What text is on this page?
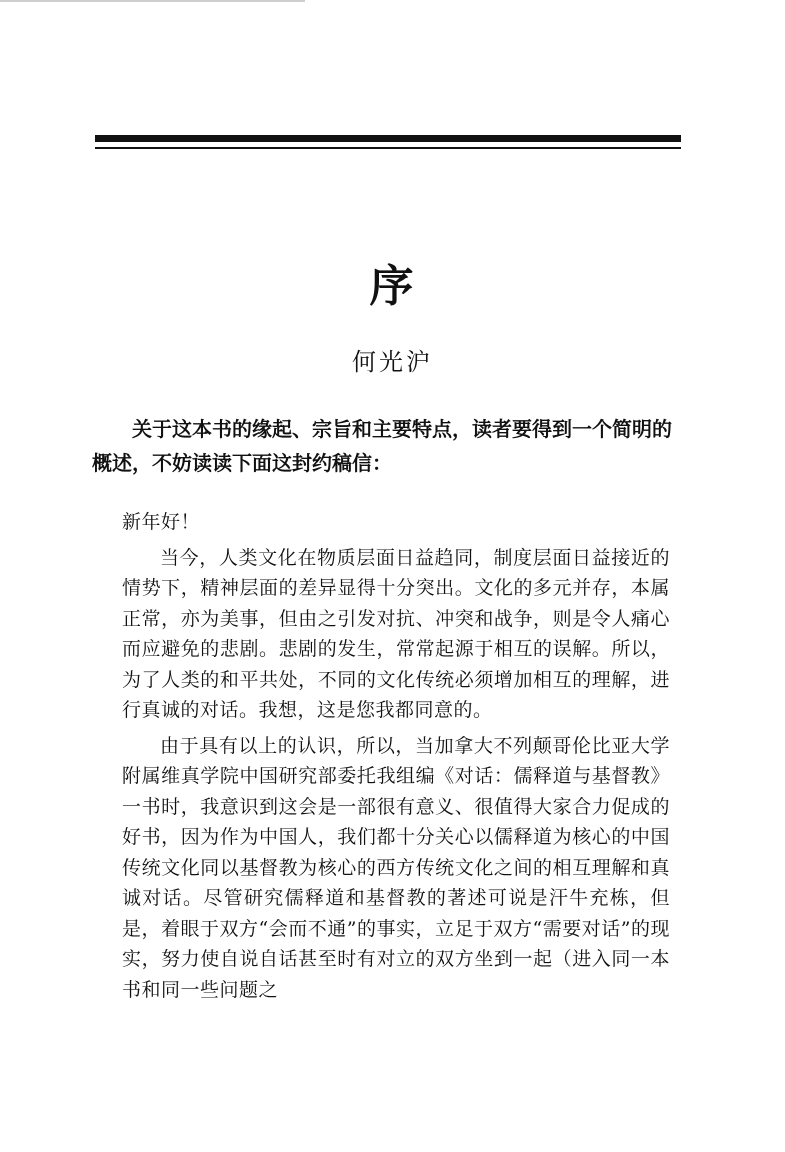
序
何光沪

关于这本书的缘起、宗旨和主要特点，读者要得到一个简明的概述，不妨读读下面这封约稿信：

新年好！

当今，人类文化在物质层面日益趋同，制度层面日益接近的情势下，精神层面的差异显得十分突出。文化的多元并存，本属正常，亦为美事，但由之引发对抗、冲突和战争，则是令人痛心而应避免的悲剧。悲剧的发生，常常起源于相互的误解。所以，为了人类的和平共处，不同的文化传统必须增加相互的理解，进行真诚的对话。我想，这是您我都同意的。

由于具有以上的认识，所以，当加拿大不列颠哥伦比亚大学附属维真学院中国研究部委托我组编《对话：儒释道与基督教》一书时，我意识到这会是一部很有意义、很值得大家合力促成的好书，因为作为中国人，我们都十分关心以儒释道为核心的中国传统文化同以基督教为核心的西方传统文化之间的相互理解和真诚对话。尽管研究儒释道和基督教的著述可说是汗牛充栋，但是，着眼于双方“会而不通”的事实，立足于双方“需要对话”的现实，努力使自说自话甚至时有对立的双方坐到一起（进入同一本书和同一些问题之
